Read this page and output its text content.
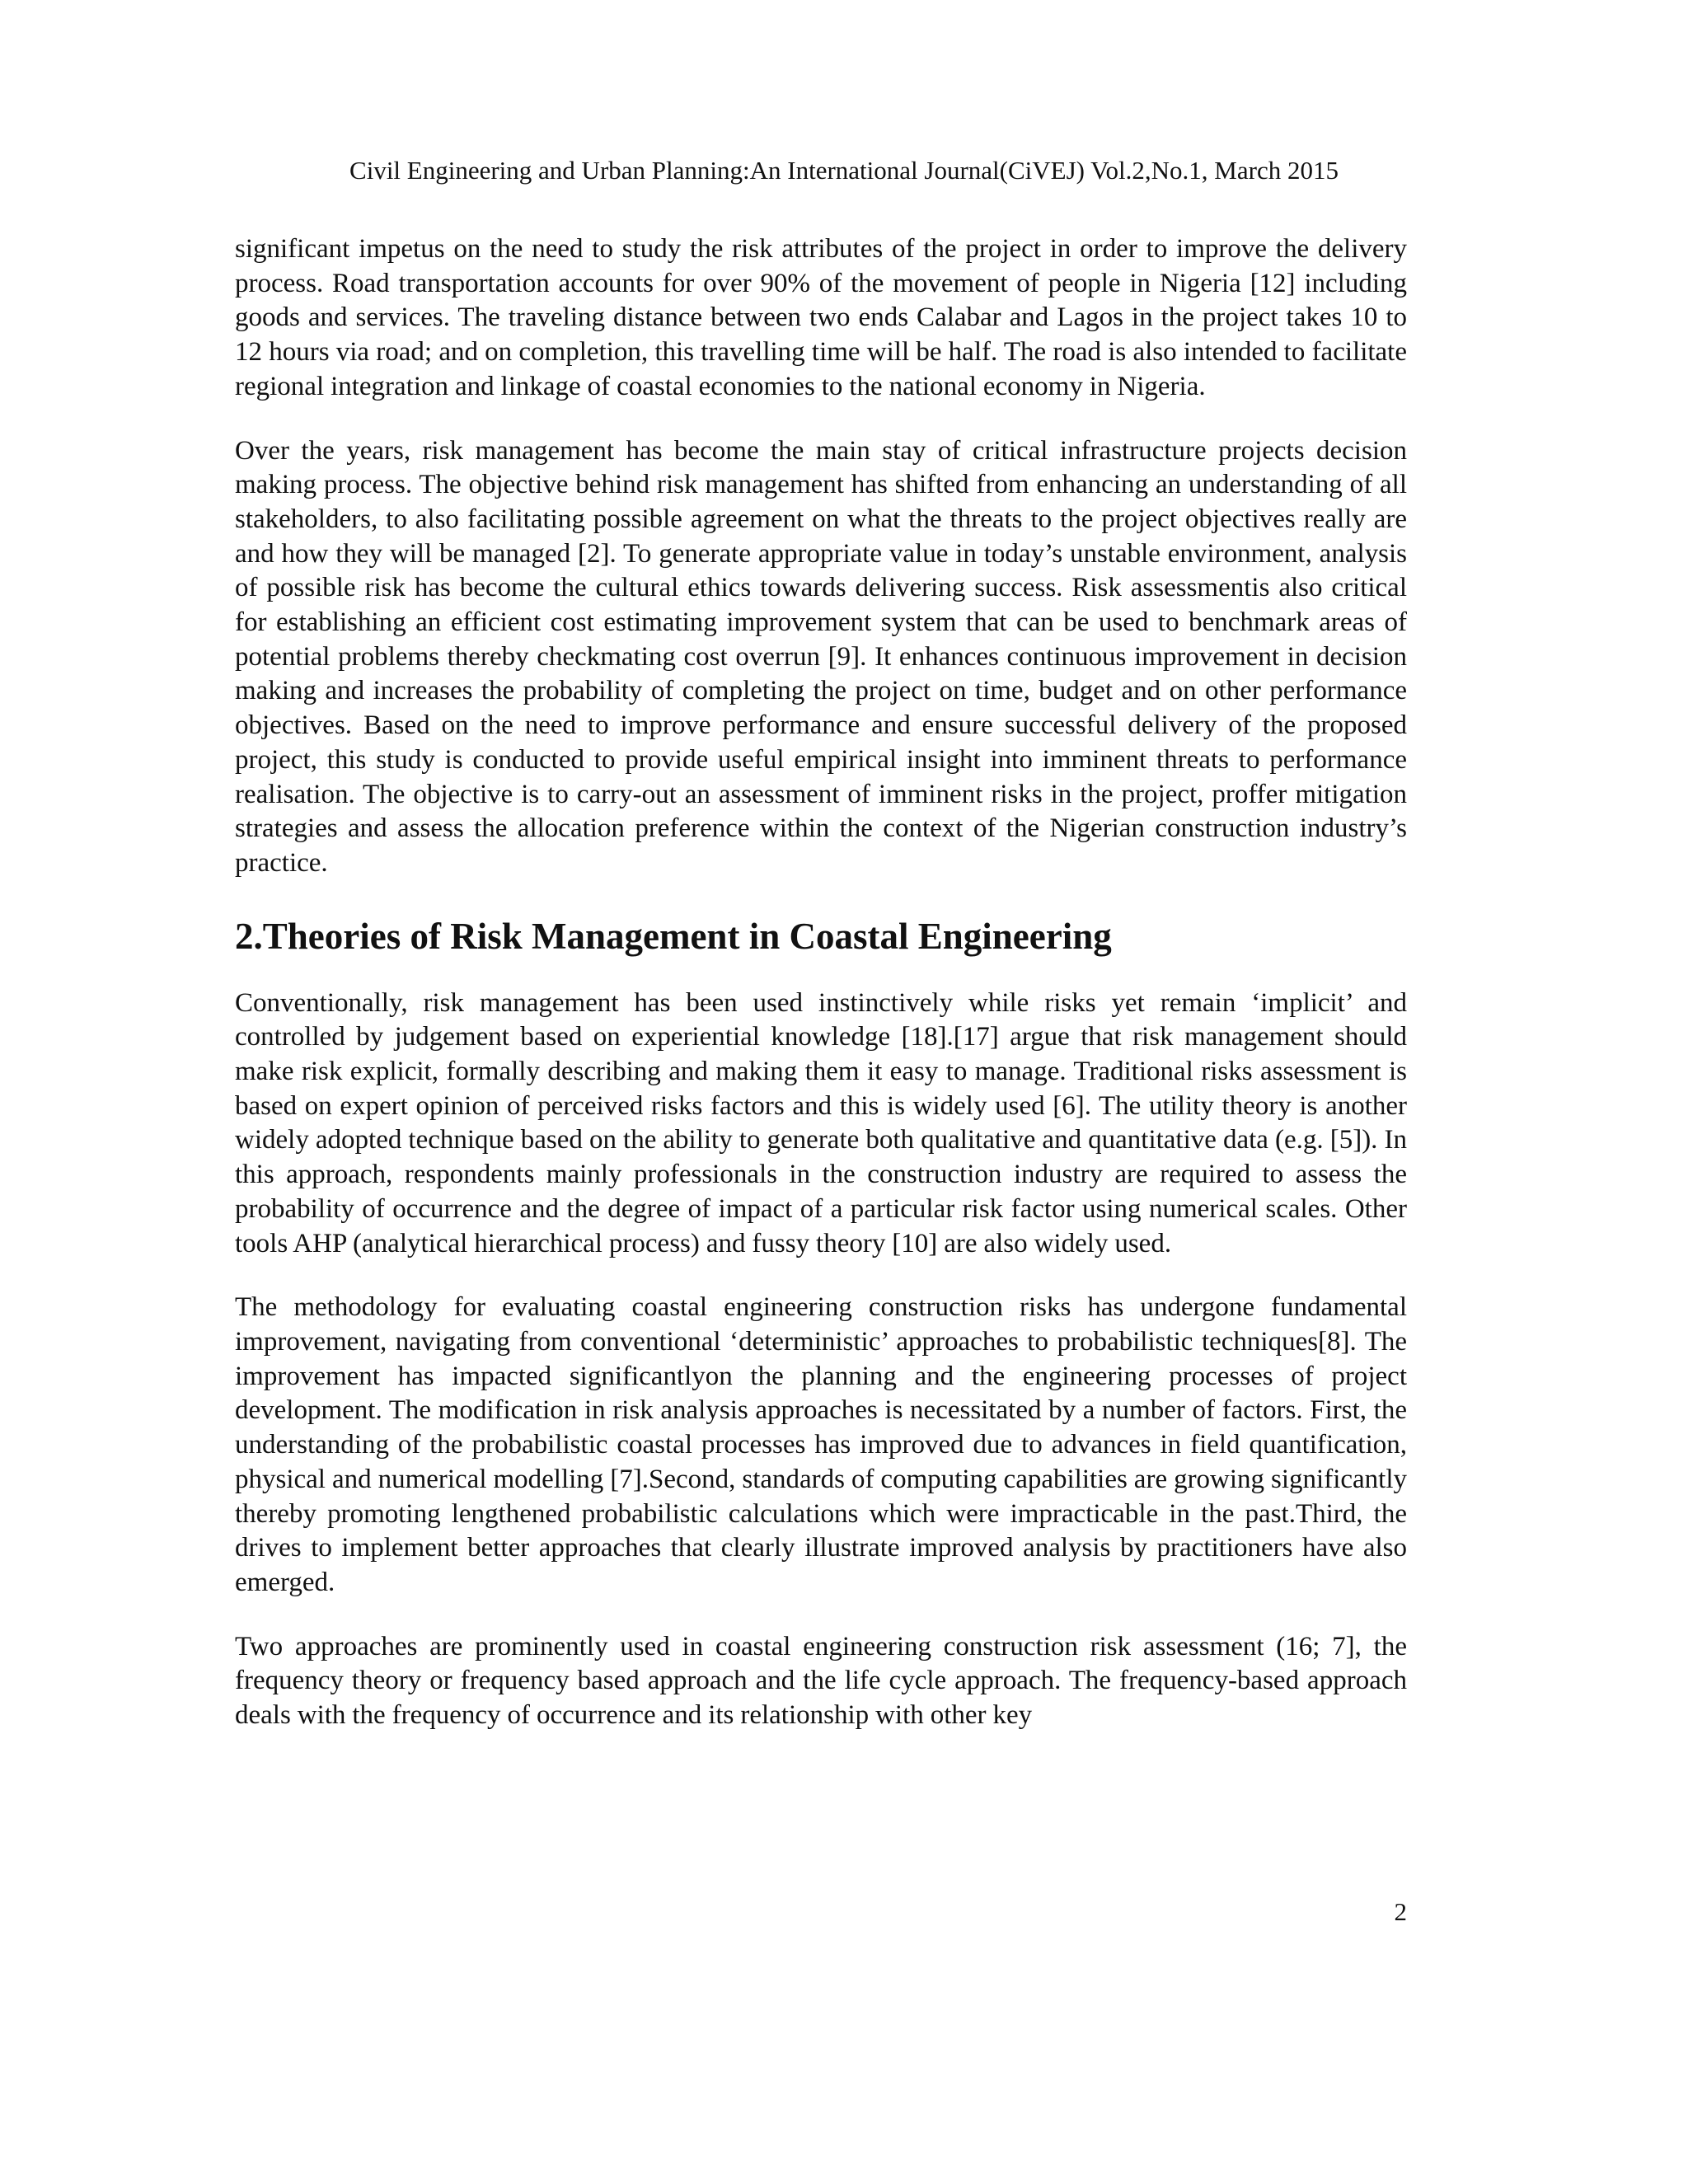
Civil Engineering and Urban Planning:An International Journal(CiVEJ) Vol.2,No.1, March 2015

significant impetus on the need to study the risk attributes of the project in order to improve the delivery process. Road transportation accounts for over 90% of the movement of people in Nigeria [12] including goods and services. The traveling distance between two ends Calabar and Lagos in the project takes 10 to 12 hours via road; and on completion, this travelling time will be half. The road is also intended to facilitate regional integration and linkage of coastal economies to the national economy in Nigeria.

Over the years, risk management has become the main stay of critical infrastructure projects decision making process. The objective behind risk management has shifted from enhancing an understanding of all stakeholders, to also facilitating possible agreement on what the threats to the project objectives really are and how they will be managed [2]. To generate appropriate value in today’s unstable environment, analysis of possible risk has become the cultural ethics towards delivering success. Risk assessmentis also critical for establishing an efficient cost estimating improvement system that can be used to benchmark areas of potential problems thereby checkmating cost overrun [9]. It enhances continuous improvement in decision making and increases the probability of completing the project on time, budget and on other performance objectives. Based on the need to improve performance and ensure successful delivery of the proposed project, this study is conducted to provide useful empirical insight into imminent threats to performance realisation. The objective is to carry-out an assessment of imminent risks in the project, proffer mitigation strategies and assess the allocation preference within the context of the Nigerian construction industry’s practice.

2.Theories of Risk Management in Coastal Engineering

Conventionally, risk management has been used instinctively while risks yet remain ‘implicit’ and controlled by judgement based on experiential knowledge [18].[17] argue that risk management should make risk explicit, formally describing and making them it easy to manage. Traditional risks assessment is based on expert opinion of perceived risks factors and this is widely used [6]. The utility theory is another widely adopted technique based on the ability to generate both qualitative and quantitative data (e.g. [5]). In this approach, respondents mainly professionals in the construction industry are required to assess the probability of occurrence and the degree of impact of a particular risk factor using numerical scales. Other tools AHP (analytical hierarchical process) and fussy theory [10] are also widely used.

The methodology for evaluating coastal engineering construction risks has undergone fundamental improvement, navigating from conventional ‘deterministic’ approaches to probabilistic techniques[8]. The improvement has impacted significantlyon the planning and the engineering processes of project development. The modification in risk analysis approaches is necessitated by a number of factors. First, the understanding of the probabilistic coastal processes has improved due to advances in field quantification, physical and numerical modelling [7].Second, standards of computing capabilities are growing significantly thereby promoting lengthened probabilistic calculations which were impracticable in the past.Third, the drives to implement better approaches that clearly illustrate improved analysis by practitioners have also emerged.

Two approaches are prominently used in coastal engineering construction risk assessment (16; 7], the frequency theory or frequency based approach and the life cycle approach. The frequency-based approach deals with the frequency of occurrence and its relationship with other key

2
